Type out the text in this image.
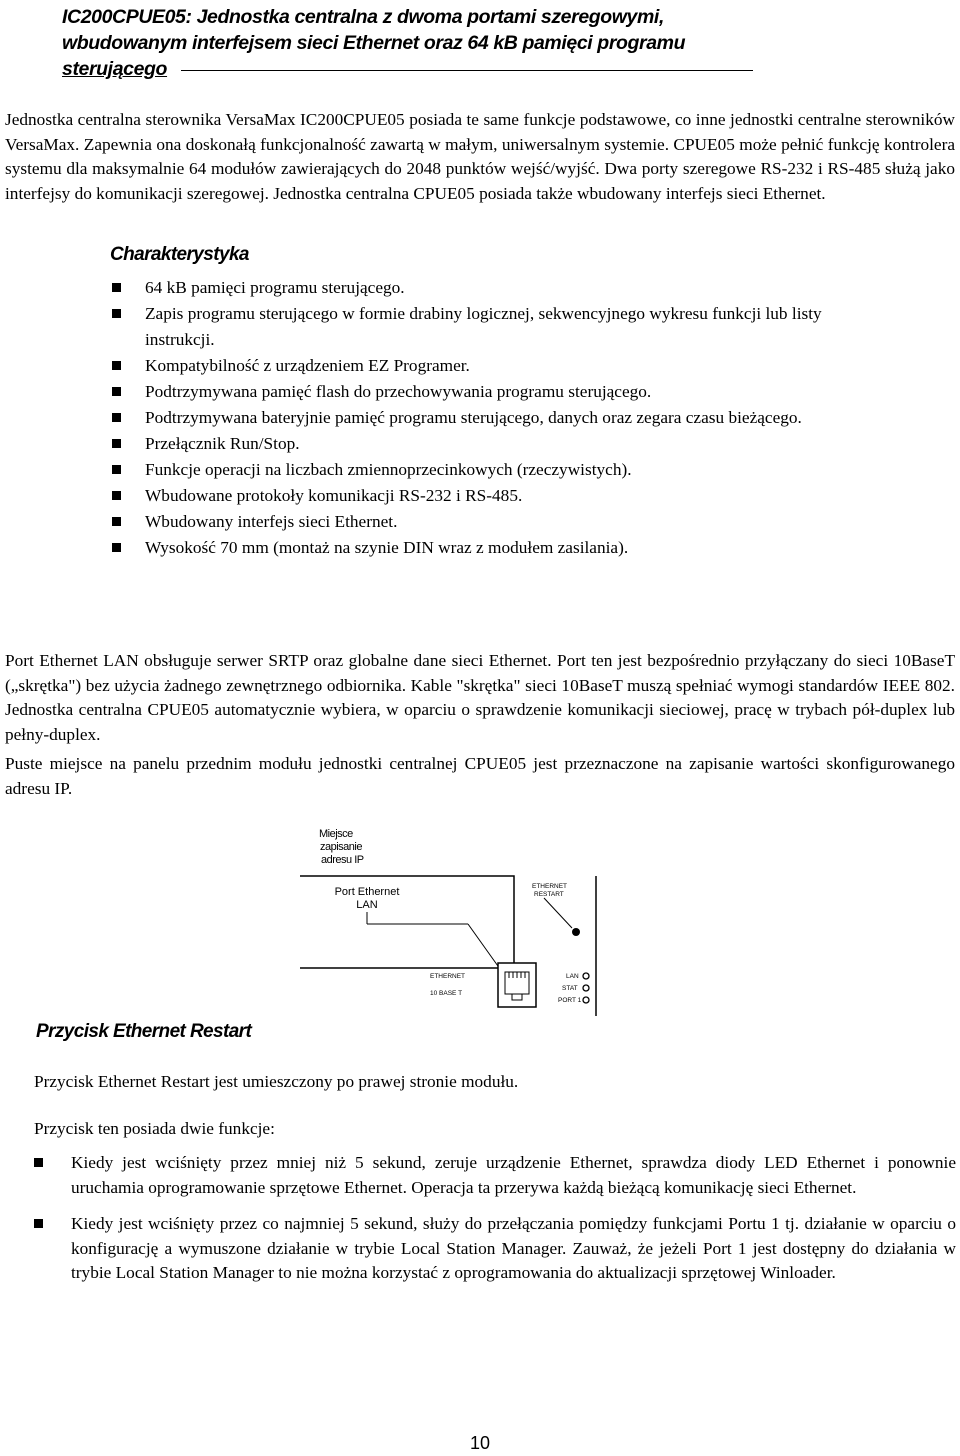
IC200CPUE05: Jednostka centralna z dwoma portami szeregowymi,
wbudowanym interfejsem sieci Ethernet oraz 64 kB pamięci programu
sterującego
Jednostka centralna sterownika VersaMax IC200CPUE05 posiada te same funkcje podstawowe, co inne jednostki centralne sterowników VersaMax. Zapewnia ona doskonałą funkcjonalność zawartą w małym, uniwersalnym systemie. CPUE05 może pełnić funkcję kontrolera systemu dla maksymalnie 64 modułów zawierających do 2048 punktów wejść/wyjść. Dwa porty szeregowe RS-232 i RS-485 służą jako interfejsy do komunikacji szeregowej. Jednostka centralna CPUE05 posiada także wbudowany interfejs sieci Ethernet.
Charakterystyka
64 kB pamięci programu sterującego.
Zapis programu sterującego w formie drabiny logicznej, sekwencyjnego wykresu funkcji lub listy instrukcji.
Kompatybilność z urządzeniem EZ Programer.
Podtrzymywana pamięć flash do przechowywania programu sterującego.
Podtrzymywana bateryjnie pamięć programu sterującego, danych oraz zegara czasu bieżącego.
Przełącznik Run/Stop.
Funkcje operacji na liczbach zmiennoprzecinkowych (rzeczywistych).
Wbudowane protokoły komunikacji RS-232 i RS-485.
Wbudowany interfejs sieci Ethernet.
Wysokość 70 mm (montaż na szynie DIN wraz z modułem zasilania).
Port Ethernet LAN obsługuje serwer SRTP oraz globalne dane sieci Ethernet. Port ten jest bezpośrednio przyłączany do sieci 10BaseT („skrętka") bez użycia żadnego zewnętrznego odbiornika. Kable "skrętka" sieci 10BaseT muszą spełniać wymogi standardów IEEE 802. Jednostka centralna CPUE05 automatycznie wybiera, w oparciu o sprawdzenie komunikacji sieciowej, pracę w trybach pół-duplex lub pełny-duplex.
Puste miejsce na panelu przednim modułu jednostki centralnej CPUE05 jest przeznaczone na zapisanie wartości skonfigurowanego adresu IP.
Miejsce
zapisanie
adresu IP
Port Ethernet
LAN
ETHERNET
RESTART
ETHERNET
10 BASE T
LAN
STAT
PORT 1
Przycisk Ethernet Restart
Przycisk Ethernet Restart jest umieszczony po prawej stronie modułu.
Przycisk ten posiada dwie funkcje:
Kiedy jest wciśnięty przez mniej niż 5 sekund, zeruje urządzenie Ethernet, sprawdza diody LED Ethernet i ponownie uruchamia oprogramowanie sprzętowe Ethernet. Operacja ta przerywa każdą bieżącą komunikację sieci Ethernet.
Kiedy jest wciśnięty przez co najmniej 5 sekund, służy do przełączania pomiędzy funkcjami Portu 1 tj. działanie w oparciu o konfigurację a wymuszone działanie w trybie Local Station Manager. Zauważ, że jeżeli Port 1 jest dostępny do działania w trybie Local Station Manager to nie można korzystać z oprogramowania do aktualizacji sprzętowej Winloader.
10
